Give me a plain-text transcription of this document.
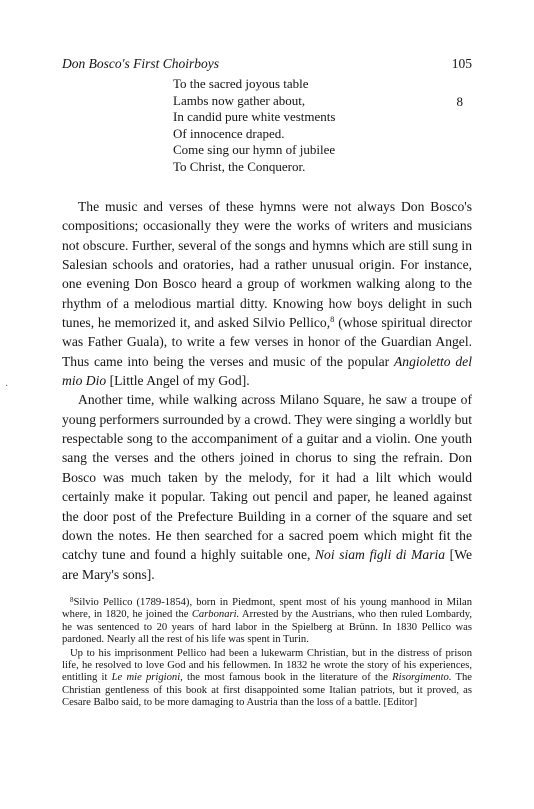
Don Bosco's First Choirboys	105
To the sacred joyous table
Lambs now gather about,
In candid pure white vestments
Of innocence draped.
Come sing our hymn of jubilee
To Christ, the Conqueror.
8

The music and verses of these hymns were not always Don Bosco's compositions; occasionally they were the works of writers and musicians not obscure. Further, several of the songs and hymns which are still sung in Salesian schools and oratories, had a rather unusual origin. For instance, one evening Don Bosco heard a group of workmen walking along to the rhythm of a melodious martial ditty. Knowing how boys delight in such tunes, he memorized it, and asked Silvio Pellico,$^8$ (whose spiritual director was Father Guala), to write a few verses in honor of the Guardian Angel. Thus came into being the verses and music of the popular Angioletto del mio Dio [Little Angel of my God].

Another time, while walking across Milano Square, he saw a troupe of young performers surrounded by a crowd. They were singing a worldly but respectable song to the accompaniment of a guitar and a violin. One youth sang the verses and the others joined in chorus to sing the refrain. Don Bosco was much taken by the melody, for it had a lilt which would certainly make it popular. Taking out pencil and paper, he leaned against the door post of the Prefecture Building in a corner of the square and set down the notes. He then searched for a sacred poem which might fit the catchy tune and found a highly suitable one, Noi siam figli di Maria [We are Mary's sons].

$^8$Silvio Pellico (1789-1854), born in Piedmont, spent most of his young manhood in Milan where, in 1820, he joined the Carbonari. Arrested by the Austrians, who then ruled Lombardy, he was sentenced to 20 years of hard labor in the Spielberg at Brünn. In 1830 Pellico was pardoned. Nearly all the rest of his life was spent in Turin.

Up to his imprisonment Pellico had been a lukewarm Christian, but in the distress of prison life, he resolved to love God and his fellowmen. In 1832 he wrote the story of his experiences, entitling it Le mie prigioni, the most famous book in the literature of the Risorgimento. The Christian gentleness of this book at first disappointed some Italian patriots, but it proved, as Cesare Balbo said, to be more damaging to Austria than the loss of a battle. [Editor]

·
